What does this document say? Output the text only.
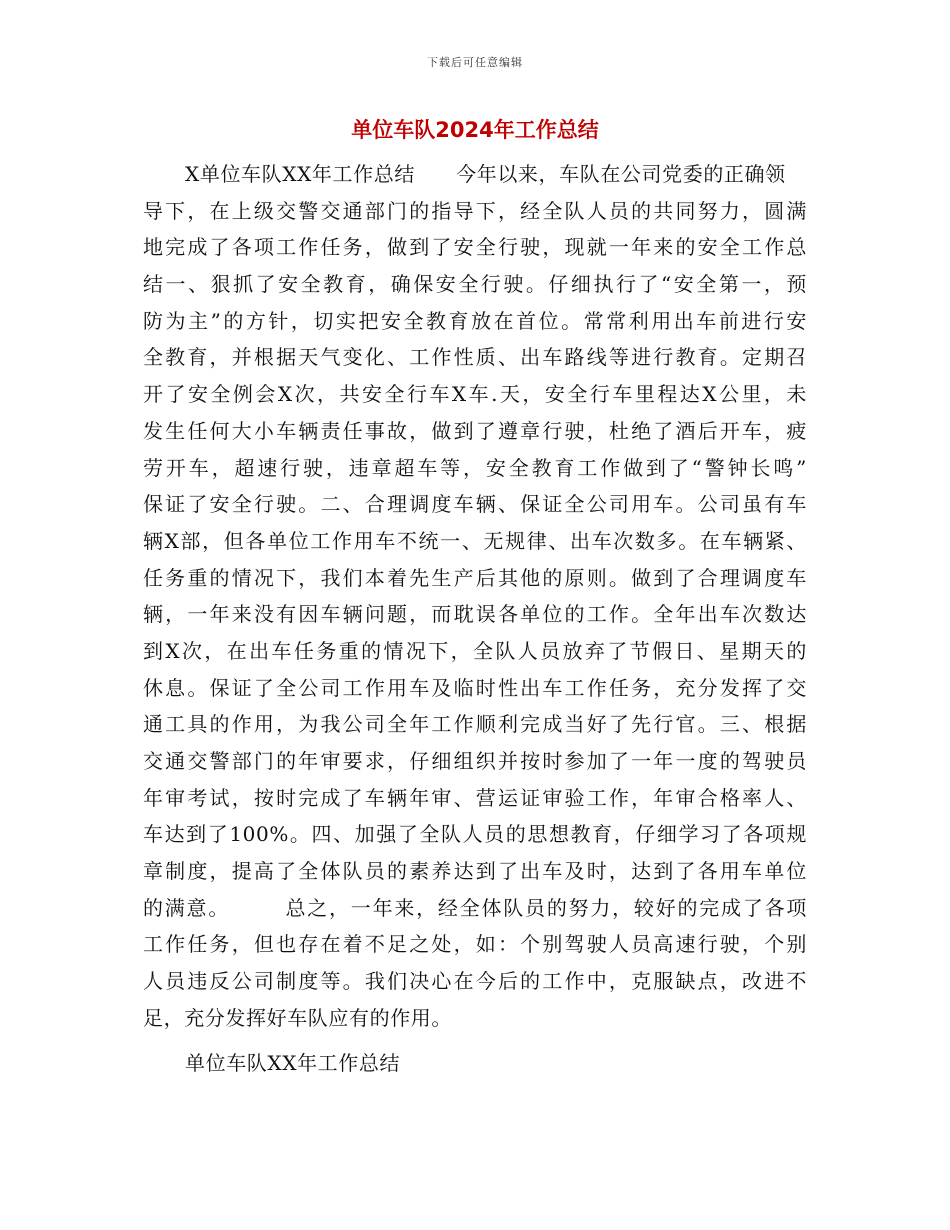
下载后可任意编辑
单位车队2024年工作总结
X单位车队XX年工作总结　　今年以来，车队在公司党委的正确领
导下，在上级交警交通部门的指导下，经全队人员的共同努力，圆满
地完成了各项工作任务，做到了安全行驶，现就一年来的安全工作总
结一、狠抓了安全教育，确保安全行驶。仔细执行了“安全第一，预
防为主”的方针，切实把安全教育放在首位。常常利用出车前进行安
全教育，并根据天气变化、工作性质、出车路线等进行教育。定期召
开了安全例会X次，共安全行车X车.天，安全行车里程达X公里，未
发生任何大小车辆责任事故，做到了遵章行驶，杜绝了酒后开车，疲
劳开车，超速行驶，违章超车等，安全教育工作做到了“警钟长鸣”
保证了安全行驶。二、合理调度车辆、保证全公司用车。公司虽有车
辆X部，但各单位工作用车不统一、无规律、出车次数多。在车辆紧、
任务重的情况下，我们本着先生产后其他的原则。做到了合理调度车
辆，一年来没有因车辆问题，而耽误各单位的工作。全年出车次数达
到X次，在出车任务重的情况下，全队人员放弃了节假日、星期天的
休息。保证了全公司工作用车及临时性出车工作任务，充分发挥了交
通工具的作用，为我公司全年工作顺利完成当好了先行官。三、根据
交通交警部门的年审要求，仔细组织并按时参加了一年一度的驾驶员
年审考试，按时完成了车辆年审、营运证审验工作，年审合格率人、
车达到了100%。四、加强了全队人员的思想教育，仔细学习了各项规
章制度，提高了全体队员的素养达到了出车及时，达到了各用车单位
的满意。　　　总之，一年来，经全体队员的努力，较好的完成了各项
工作任务，但也存在着不足之处，如：个别驾驶人员高速行驶，个别
人员违反公司制度等。我们决心在今后的工作中，克服缺点，改进不
足，充分发挥好车队应有的作用。
单位车队XX年工作总结
